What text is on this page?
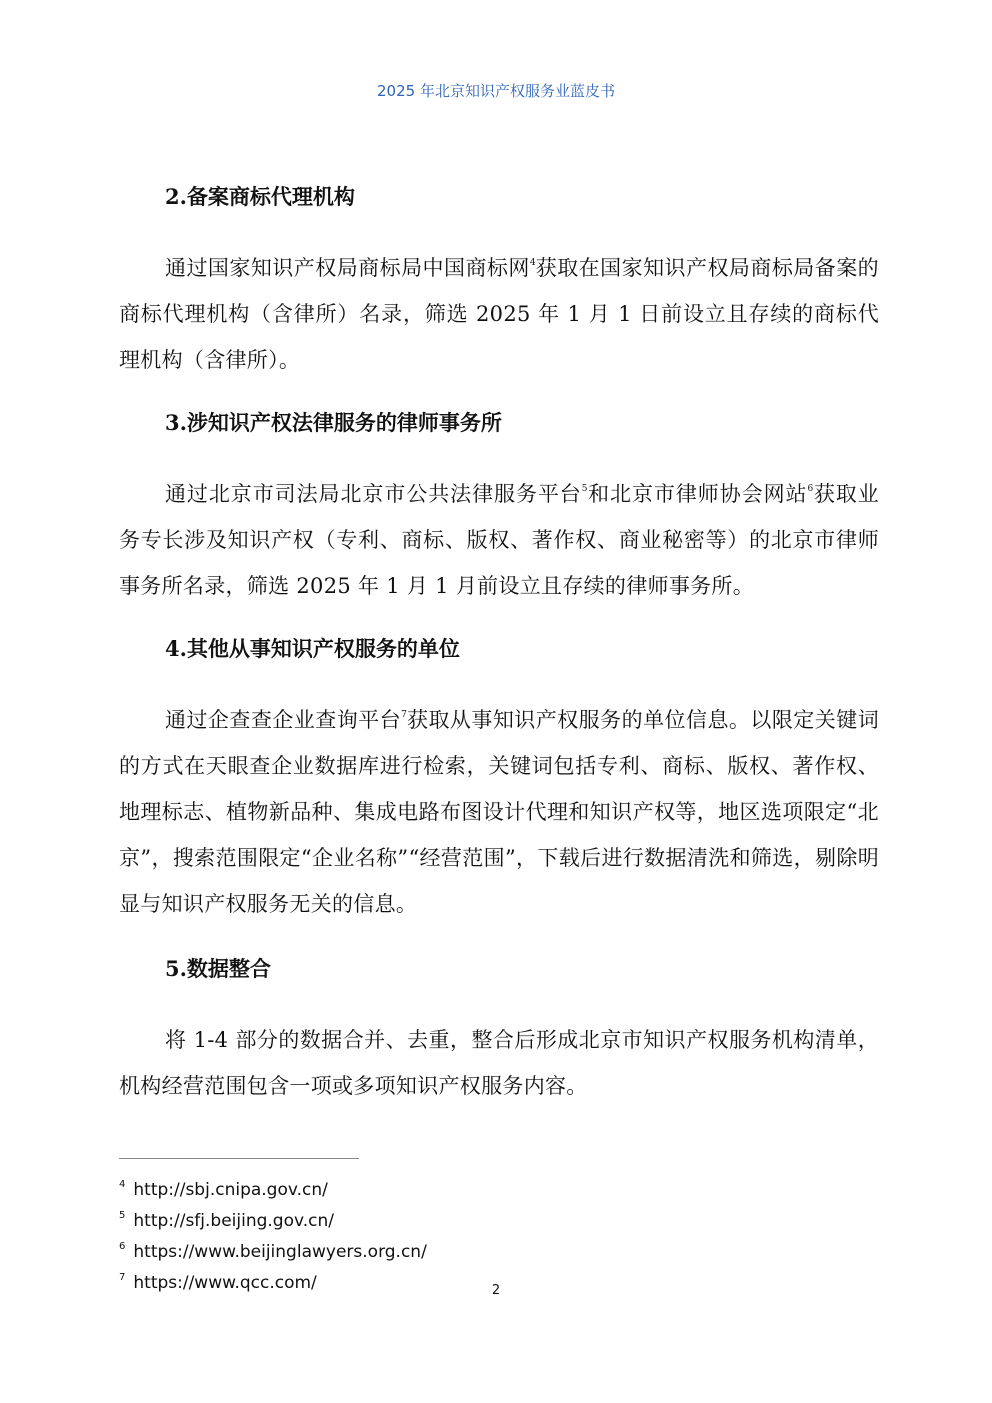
2025 年北京知识产权服务业蓝皮书
2.备案商标代理机构

通过国家知识产权局商标局中国商标网$^4$获取在国家知识产权局商标局备案的商标代理机构（含律所）名录，筛选 2025 年 1 月 1 日前设立且存续的商标代理机构（含律所）。

3.涉知识产权法律服务的律师事务所

通过北京市司法局北京市公共法律服务平台$^5$和北京市律师协会网站$^6$获取业务专长涉及知识产权（专利、商标、版权、著作权、商业秘密等）的北京市律师事务所名录，筛选 2025 年 1 月 1 月前设立且存续的律师事务所。

4.其他从事知识产权服务的单位

通过企查查企业查询平台$^7$获取从事知识产权服务的单位信息。以限定关键词的方式在天眼查企业数据库进行检索，关键词包括专利、商标、版权、著作权、地理标志、植物新品种、集成电路布图设计代理和知识产权等，地区选项限定“北京”，搜索范围限定“企业名称”“经营范围”，下载后进行数据清洗和筛选，剔除明显与知识产权服务无关的信息。

5.数据整合

将 1-4 部分的数据合并、去重，整合后形成北京市知识产权服务机构清单，机构经营范围包含一项或多项知识产权服务内容。

$^4$ http://sbj.cnipa.gov.cn/
$^5$ http://sfj.beijing.gov.cn/
$^6$ https://www.beijinglawyers.org.cn/
$^7$ https://www.qcc.com/	2
